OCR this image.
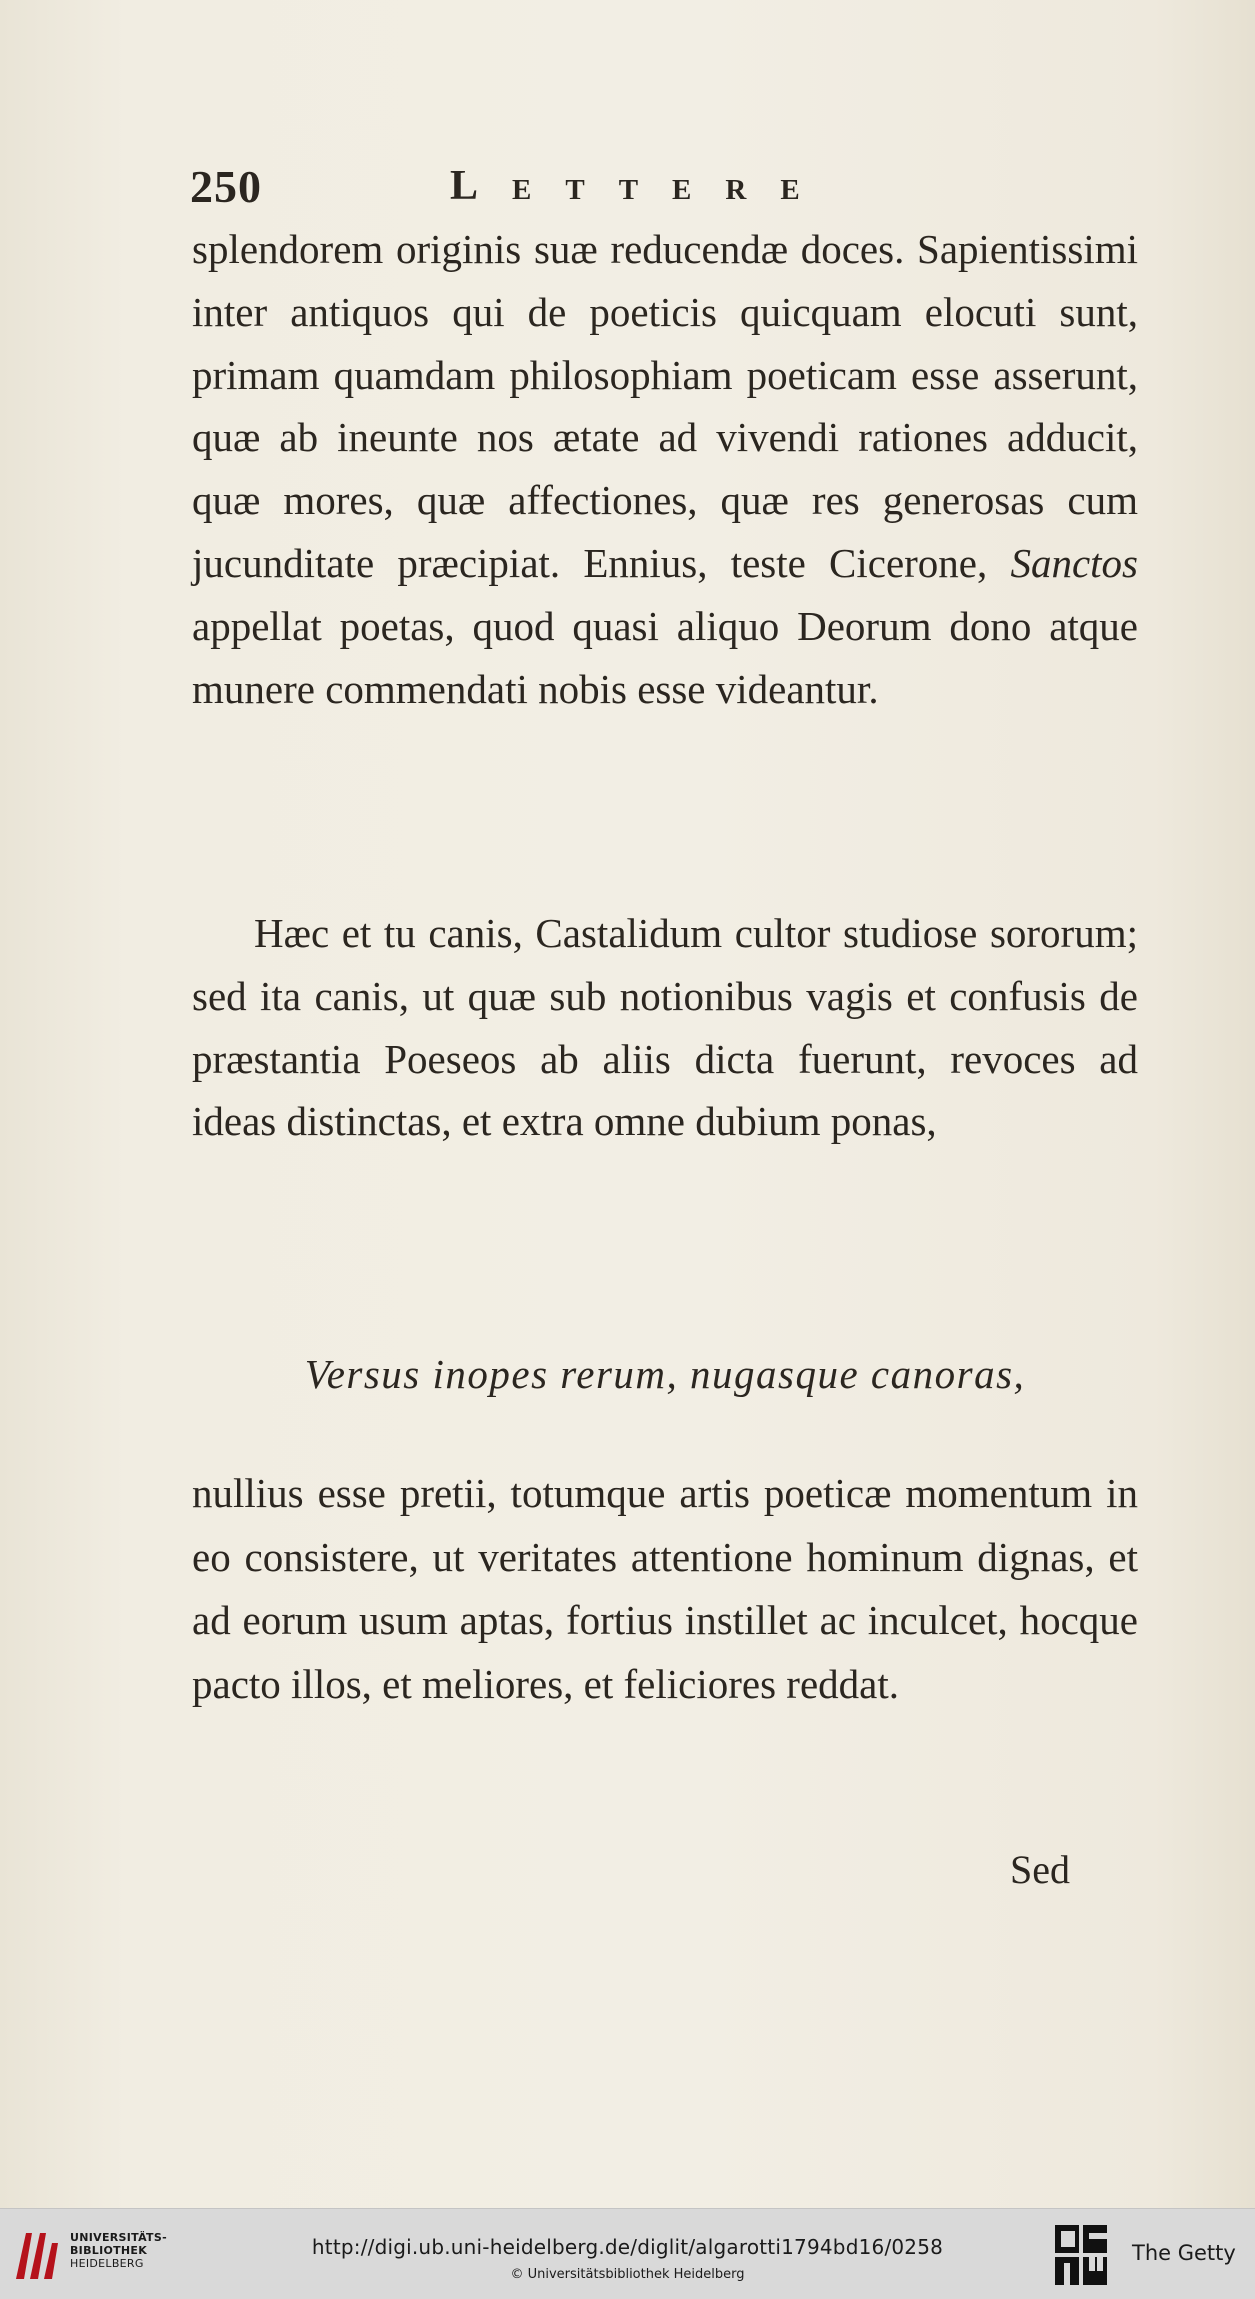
250	Lettere

splendorem originis suæ reducendæ doces. Sapientissimi inter antiquos qui de poeticis quicquam elocuti sunt, primam quamdam philosophiam poeticam esse asserunt, quæ ab ineunte nos ætate ad vivendi rationes adducit, quæ mores, quæ affectiones, quæ res generosas cum jucunditate præcipiat. Ennius, teste Cicerone, Sanctos appellat poetas, quod quasi aliquo Deorum dono atque munere commendati nobis esse videantur.

Hæc et tu canis, Castalidum cultor studiose sororum; sed ita canis, ut quæ sub notionibus vagis et confusis de præstantia Poeseos ab aliis dicta fuerunt, revoces ad ideas distinctas, et extra omne dubium ponas,

Versus inopes rerum, nugasque canoras,

nullius esse pretii, totumque artis poeticæ momentum in eo consistere, ut veritates attentione hominum dignas, et ad eorum usum aptas, fortius instillet ac inculcet, hocque pacto illos, et meliores, et feliciores reddat.

Sed
UNIVERSITÄTS-
BIBLIOTHEK
HEIDELBERG
http://digi.ub.uni-heidelberg.de/diglit/algarotti1794bd16/0258
© Universitätsbibliothek Heidelberg
The Getty
